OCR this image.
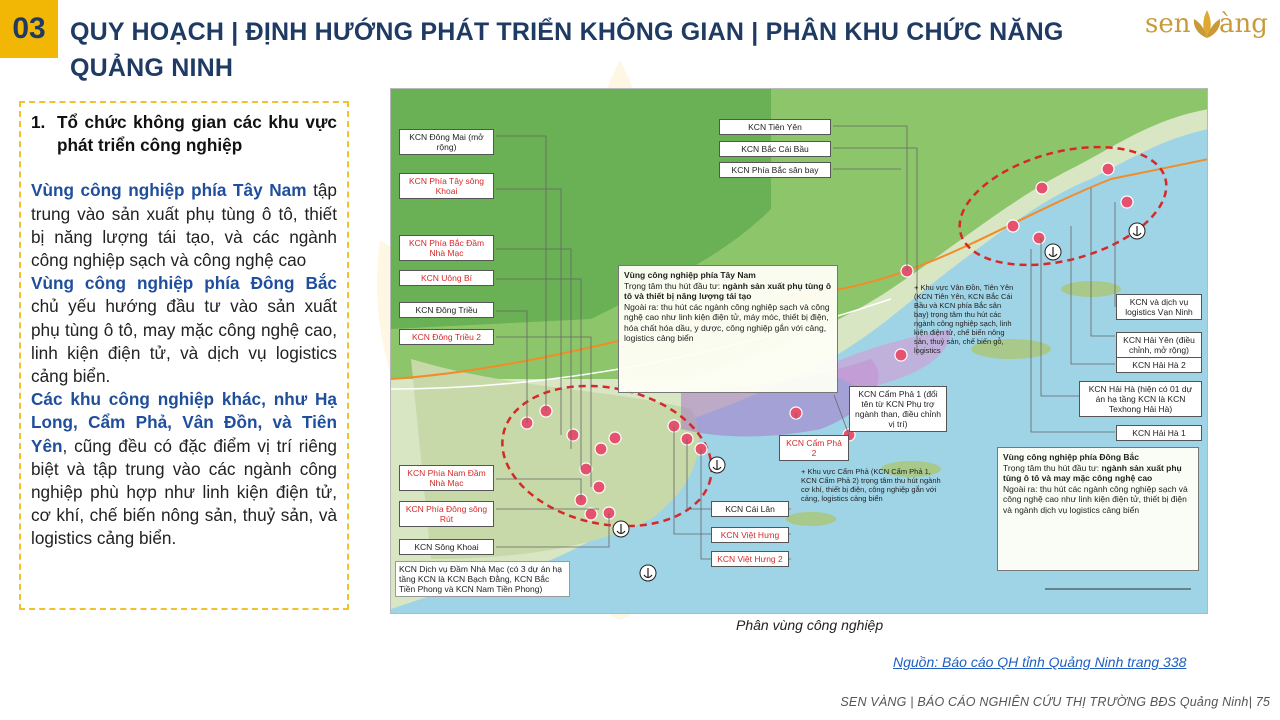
03 QUY HOẠCH | ĐỊNH HƯỚNG PHÁT TRIỂN KHÔNG GIAN | PHÂN KHU CHỨC NĂNG
QUẢNG NINH
sen àng
1. Tổ chức không gian các khu vực phát triển công nghiệp

Vùng công nghiệp phía Tây Nam tập trung vào sản xuất phụ tùng ô tô, thiết bị năng lượng tái tạo, và các ngành công nghiệp sạch và công nghệ cao

Vùng công nghiệp phía Đông Bắc chủ yếu hướng đầu tư vào sản xuất phụ tùng ô tô, may mặc công nghệ cao, linh kiện điện tử, và dịch vụ logistics cảng biển.

Các khu công nghiệp khác, như Hạ Long, Cẩm Phả, Vân Đồn, và Tiên Yên, cũng đều có đặc điểm vị trí riêng biệt và tập trung vào các ngành công nghiệp phù hợp như linh kiện điện tử, cơ khí, chế biến nông sản, thuỷ sản, và logistics cảng biển.

KCN Đông Mai (mở rộng)
KCN Phía Tây sông Khoai
KCN Phía Bắc Đầm Nhà Mạc
KCN Uông Bí
KCN Đông Triều
KCN Đông Triều 2
KCN Phía Nam Đầm Nhà Mạc
KCN Phía Đông sông Rút
KCN Sông Khoai
KCN Dịch vụ Đầm Nhà Mạc (có 3 dự án hạ tầng KCN là KCN Bạch Đằng, KCN Bắc Tiền Phong và KCN Nam Tiền Phong)
KCN Tiên Yên
KCN Bắc Cái Bầu
KCN Phía Bắc sân bay
KCN và dịch vụ logistics Vạn Ninh
KCN Hải Yên (điều chỉnh, mở rộng)
KCN Hải Hà 2
KCN Hải Hà (hiện có 01 dự án hạ tầng KCN là KCN Texhong Hải Hà)
KCN Hải Hà 1
KCN Cẩm Phả 1 (đổi tên từ KCN Phụ trợ ngành than, điều chỉnh vị trí)
KCN Cẩm Phả 2
KCN Cái Lân
KCN Việt Hưng
KCN Việt Hưng 2
Vùng công nghiệp phía Tây Nam
Trọng tâm thu hút đầu tư: ngành sản xuất phụ tùng ô tô và thiết bị năng lượng tái tạo
Ngoài ra: thu hút các ngành công nghiệp sạch và công nghệ cao như linh kiện điện tử, máy móc, thiết bị điện, hóa chất hóa dầu, y dược, công nghiệp gắn với cảng, logistics cảng biển
Vùng công nghiệp phía Đông Bắc
Trọng tâm thu hút đầu tư: ngành sản xuất phụ tùng ô tô và may mặc công nghệ cao
Ngoài ra: thu hút các ngành công nghiệp sạch và công nghệ cao như linh kiện điện tử, thiết bị điện và ngành dịch vụ logistics cảng biển
+ Khu vực Vân Đồn, Tiên Yên (KCN Tiên Yên, KCN Bắc Cái Bầu và KCN phía Bắc sân bay) trọng tâm thu hút các ngành công nghiệp sạch, linh kiện điện tử, chế biến nông sản, thuỷ sản, chế biến gỗ, logistics
+ Khu vực Cẩm Phả (KCN Cẩm Phả 1, KCN Cẩm Phả 2) trọng tâm thu hút ngành cơ khí, thiết bị điện, công nghiệp gắn với cảng, logistics cảng biển
Phân vùng công nghiệp
Nguồn: Báo cáo QH tỉnh Quảng Ninh trang 338
SEN VÀNG | BÁO CÁO NGHIÊN CỨU THỊ TRƯỜNG BĐS Quảng Ninh| 75
